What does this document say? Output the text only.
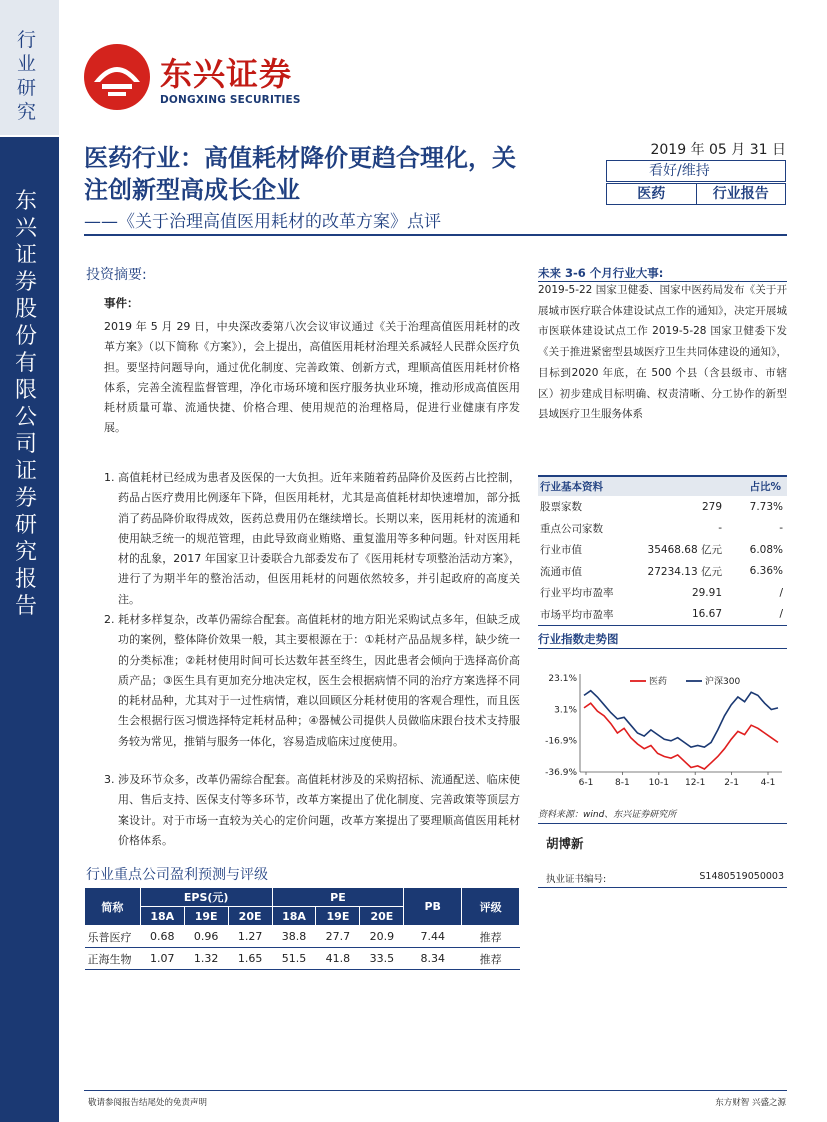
行业研究
东兴证券股份有限公司证券研究报告
东兴证券
DONGXING SECURITIES
2019 年 05 月 31 日
看好/维持
医药	行业报告
医药行业：高值耗材降价更趋合理化，关注创新型高成长企业
——《关于治理高值医用耗材的改革方案》点评
投资摘要:
事件：
2019 年 5 月 29 日，中央深改委第八次会议审议通过《关于治理高值医用耗材的改革方案》（以下简称《方案》），会上提出，高值医用耗材治理关系减轻人民群众医疗负担。要坚持问题导向，通过优化制度、完善政策、创新方式，理顺高值医用耗材价格体系，完善全流程监督管理，净化市场环境和医疗服务执业环境，推动形成高值医用耗材质量可靠、流通快捷、价格合理、使用规范的治理格局，促进行业健康有序发展。
1. 高值耗材已经成为患者及医保的一大负担。近年来随着药品降价及医药占比控制，药品占医疗费用比例逐年下降，但医用耗材，尤其是高值耗材却快速增加，部分抵消了药品降价取得成效，医药总费用仍在继续增长。长期以来，医用耗材的流通和使用缺乏统一的规范管理，由此导致商业贿赂、重复滥用等多种问题。针对医用耗材的乱象，2017 年国家卫计委联合九部委发布了《医用耗材专项整治活动方案》，进行了为期半年的整治活动，但医用耗材的问题依然较多，并引起政府的高度关注。
2. 耗材多样复杂，改革仍需综合配套。高值耗材的地方阳光采购试点多年，但缺乏成功的案例，整体降价效果一般，其主要根源在于：①耗材产品品规多样，缺少统一的分类标准；②耗材使用时间可长达数年甚至终生，因此患者会倾向于选择高价高质产品；③医生具有更加充分地决定权，医生会根据病情不同的治疗方案选择不同的耗材品种，尤其对于一过性病情，难以回顾区分耗材使用的客观合理性，而且医生会根据行医习惯选择特定耗材品种；④器械公司提供人员做临床跟台技术支持服务较为常见，推销与服务一体化，容易造成临床过度使用。
3. 涉及环节众多，改革仍需综合配套。高值耗材涉及的采购招标、流通配送、临床使用、售后支持、医保支付等多环节，改革方案提出了优化制度、完善政策等顶层方案设计。对于市场一直较为关心的定价问题，改革方案提出了要理顺高值医用耗材价格体系。
行业重点公司盈利预测与评级
简称	EPS(元)			PE			PB	评级
	18A	19E	20E	18A	19E	20E		
乐普医疗	0.68	0.96	1.27	38.8	27.7	20.9	7.44	推荐
正海生物	1.07	1.32	1.65	51.5	41.8	33.5	8.34	推荐
未来 3-6 个月行业大事:
2019-5-22 国家卫健委、国家中医药局发布《关于开展城市医疗联合体建设试点工作的通知》，决定开展城市医联体建设试点工作 2019-5-28 国家卫健委下发《关于推进紧密型县域医疗卫生共同体建设的通知》，目标到2020 年底，在 500 个县（含县级市、市辖区）初步建成目标明确、权责清晰、分工协作的新型县域医疗卫生服务体系
行业基本资料		占比%
股票家数	279	7.73%
重点公司家数	-	-
行业市值	35468.68 亿元	6.08%
流通市值	27234.13 亿元	6.36%
行业平均市盈率	29.91	/
市场平均市盈率	16.67	/
行业指数走势图
23.1%
3.1%
-16.9%
-36.9%
6-1 8-1 10-1 12-1 2-1 4-1
医药	沪深300
资料来源：wind、东兴证券研究所
胡博新
执业证书编号:	S1480519050003
敬请参阅报告结尾处的免责声明	东方财智 兴盛之源
